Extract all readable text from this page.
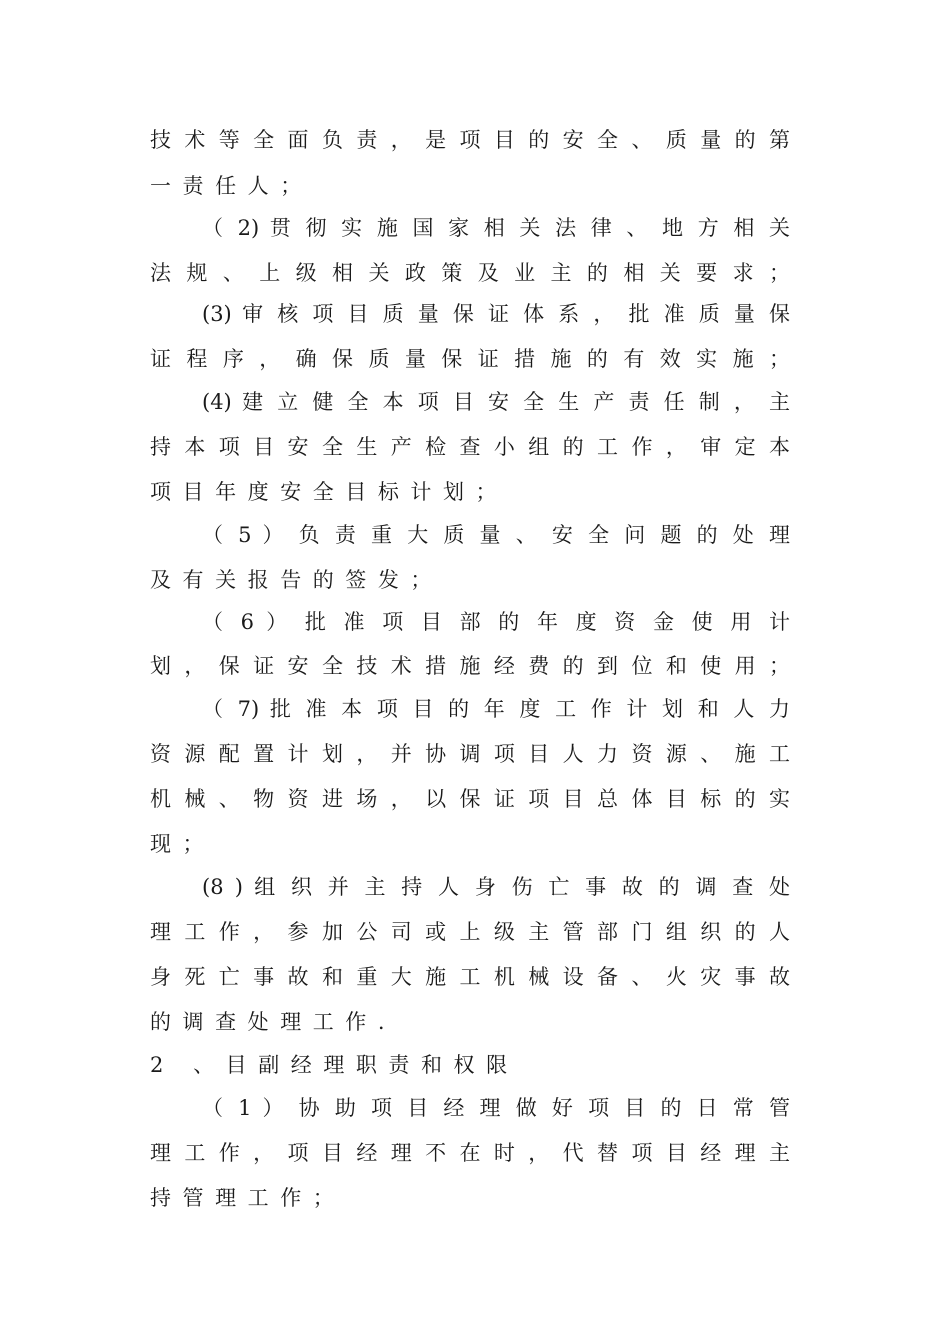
技 术 等 全 面 负 责 ， 是 项 目 的 安 全 、 质 量 的 第
一责任人；
（ 2) 贯 彻 实 施 国 家 相 关 法 律 、 地 方 相 关
法 规 、 上 级 相 关 政 策 及 业 主 的 相 关 要 求 ；
(3) 审 核 项 目 质 量 保 证 体 系 ， 批 准 质 量 保
证 程 序 ， 确 保 质 量 保 证 措 施 的 有 效 实 施 ；
(4) 建 立 健 全 本 项 目 安 全 生 产 责 任 制 ， 主
持 本 项 目 安 全 生 产 检 查 小 组 的 工 作 ， 审 定 本
项目年度安全目标计划；
（ 5 ） 负 责 重 大 质 量 、 安 全 问 题 的 处 理
及有关报告的签发；
（ 6 ） 批 准 项 目 部 的 年 度 资 金 使 用 计
划 ， 保 证 安 全 技 术 措 施 经 费 的 到 位 和 使 用 ；
（ 7) 批 准 本 项 目 的 年 度 工 作 计 划 和 人 力
资 源 配 置 计 划 ， 并 协 调 项 目 人 力 资 源 、 施 工
机 械 、 物 资 进 场 ， 以 保 证 项 目 总 体 目 标 的 实
现；
(8 ) 组 织 并 主 持 人 身 伤 亡 事 故 的 调 查 处
理 工 作 ， 参 加 公 司 或 上 级 主 管 部 门 组 织 的 人
身 死 亡 事 故 和 重 大 施 工 机 械 设 备 、 火 灾 事 故
的调查处理工作.
2 、目副经理职责和权限
（ 1 ） 协 助 项 目 经 理 做 好 项 目 的 日 常 管
理 工 作 ， 项 目 经 理 不 在 时 ， 代 替 项 目 经 理 主
持管理工作；
